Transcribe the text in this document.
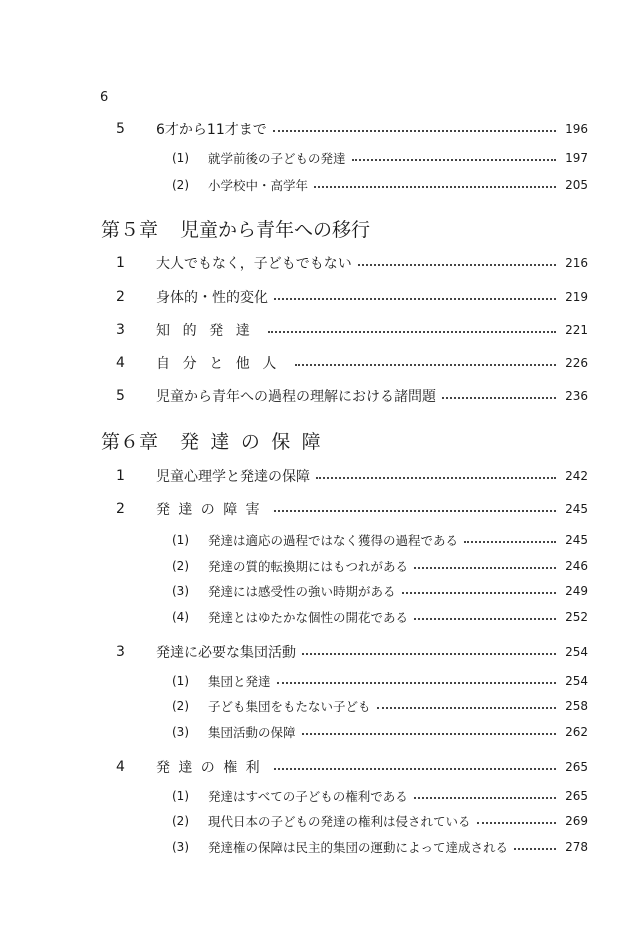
6
5	6才から11才まで	196
(1)	就学前後の子どもの発達	197
(2)	小学校中・高学年	205
第５章 児童から青年への移行
1	大人でもなく，子どもでもない	216
2	身体的・性的変化	219
3	知的発達	221
4	自分と他人	226
5	児童から青年への過程の理解における諸問題	236
第６章 発達の保障
1	児童心理学と発達の保障	242
2	発達の障害	245
(1)	発達は適応の過程ではなく獲得の過程である	245
(2)	発達の質的転換期にはもつれがある	246
(3)	発達には感受性の強い時期がある	249
(4)	発達とはゆたかな個性の開花である	252
3	発達に必要な集団活動	254
(1)	集団と発達	254
(2)	子ども集団をもたない子ども	258
(3)	集団活動の保障	262
4	発達の権利	265
(1)	発達はすべての子どもの権利である	265
(2)	現代日本の子どもの発達の権利は侵されている	269
(3)	発達権の保障は民主的集団の運動によって達成される	278
